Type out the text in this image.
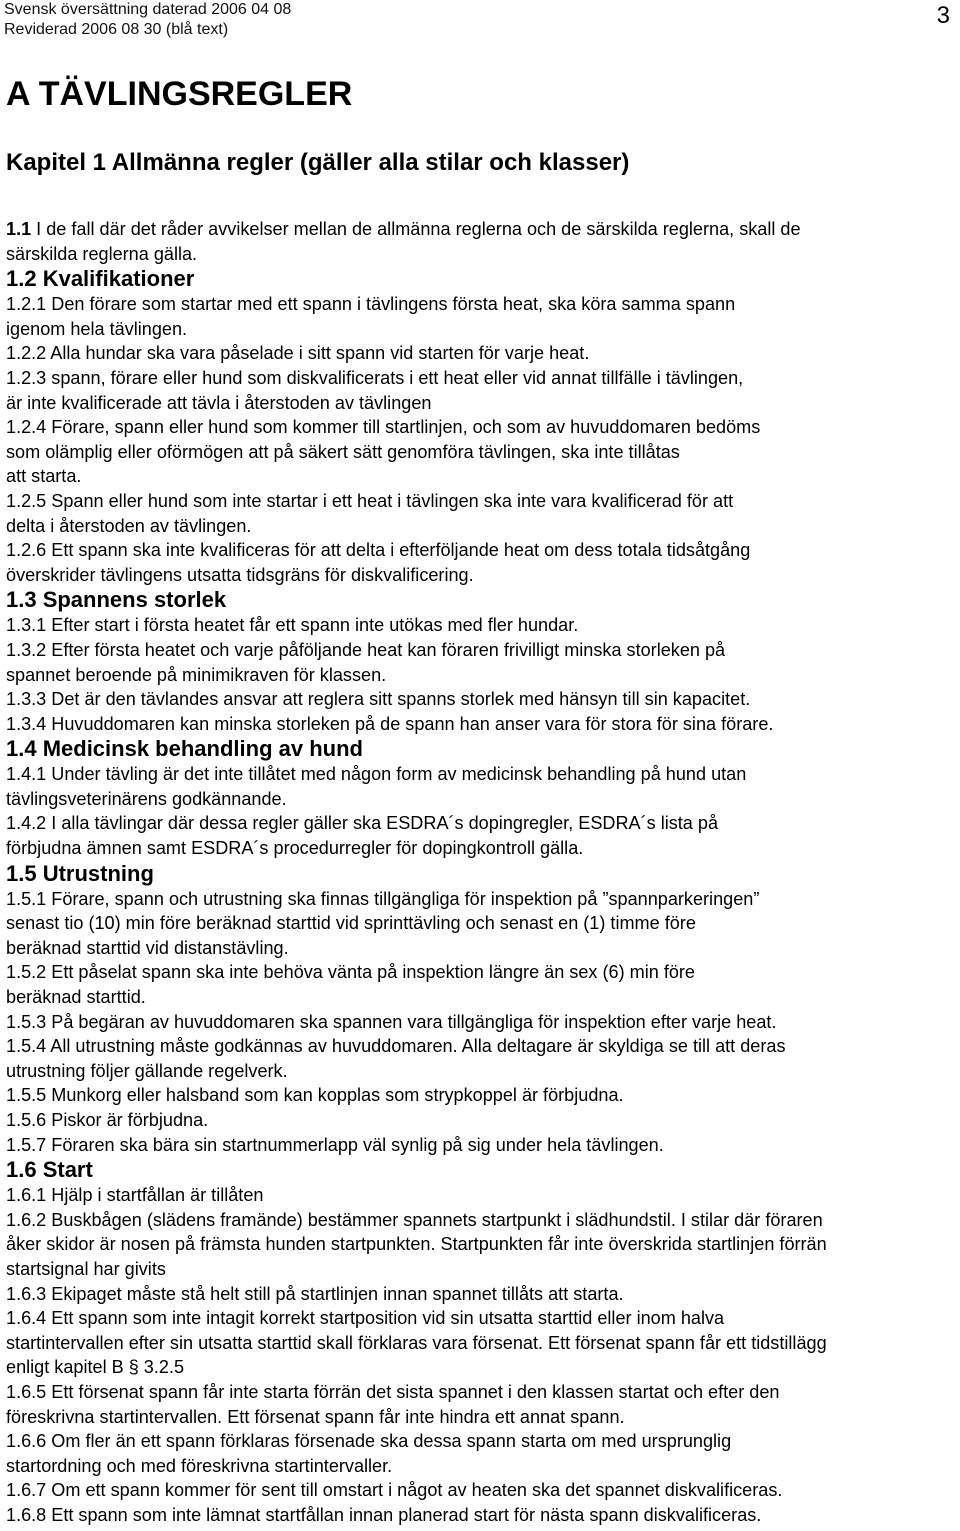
Svensk översättning daterad 2006 04 08
Reviderad 2006 08 30 (blå text)
3
A TÄVLINGSREGLER
Kapitel 1 Allmänna regler (gäller alla stilar och klasser)
1.1 I de fall där det råder avvikelser mellan de allmänna reglerna och de särskilda reglerna, skall de
särskilda reglerna gälla.
1.2 Kvalifikationer
1.2.1 Den förare som startar med ett spann i tävlingens första heat, ska köra samma spann
igenom hela tävlingen.
1.2.2 Alla hundar ska vara påselade i sitt spann vid starten för varje heat.
1.2.3 spann, förare eller hund som diskvalificerats i ett heat eller vid annat tillfälle i tävlingen,
är inte kvalificerade att tävla i återstoden av tävlingen
1.2.4 Förare, spann eller hund som kommer till startlinjen, och som av huvuddomaren bedöms
som olämplig eller oförmögen att på säkert sätt genomföra tävlingen, ska inte tillåtas
att starta.
1.2.5 Spann eller hund som inte startar i ett heat i tävlingen ska inte vara kvalificerad för att
delta i återstoden av tävlingen.
1.2.6 Ett spann ska inte kvalificeras för att delta i efterföljande heat om dess totala tidsåtgång
överskrider tävlingens utsatta tidsgräns för diskvalificering.
1.3 Spannens storlek
1.3.1 Efter start i första heatet får ett spann inte utökas med fler hundar.
1.3.2 Efter första heatet och varje påföljande heat kan föraren frivilligt minska storleken på
spannet beroende på minimikraven för klassen.
1.3.3 Det är den tävlandes ansvar att reglera sitt spanns storlek med hänsyn till sin kapacitet.
1.3.4 Huvuddomaren kan minska storleken på de spann han anser vara för stora för sina förare.
1.4 Medicinsk behandling av hund
1.4.1 Under tävling är det inte tillåtet med någon form av medicinsk behandling på hund utan
tävlingsveterinärens godkännande.
1.4.2 I alla tävlingar där dessa regler gäller ska ESDRA´s dopingregler, ESDRA´s lista på
förbjudna ämnen samt ESDRA´s procedurregler för dopingkontroll gälla.
1.5 Utrustning
1.5.1 Förare, spann och utrustning ska finnas tillgängliga för inspektion på ”spannparkeringen”
senast tio (10) min före beräknad starttid vid sprinttävling och senast en (1) timme före
beräknad starttid vid distanstävling.
1.5.2 Ett påselat spann ska inte behöva vänta på inspektion längre än sex (6) min före
beräknad starttid.
1.5.3 På begäran av huvuddomaren ska spannen vara tillgängliga för inspektion efter varje heat.
1.5.4 All utrustning måste godkännas av huvuddomaren. Alla deltagare är skyldiga se till att deras
utrustning följer gällande regelverk.
1.5.5 Munkorg eller halsband som kan kopplas som strypkoppel är förbjudna.
1.5.6 Piskor är förbjudna.
1.5.7 Föraren ska bära sin startnummerlapp väl synlig på sig under hela tävlingen.
1.6 Start
1.6.1 Hjälp i startfållan är tillåten
1.6.2 Buskbågen (slädens framände) bestämmer spannets startpunkt i slädhundstil. I stilar där föraren
åker skidor är nosen på främsta hunden startpunkten. Startpunkten får inte överskrida startlinjen förrän
startsignal har givits
1.6.3 Ekipaget måste stå helt still på startlinjen innan spannet tillåts att starta.
1.6.4 Ett spann som inte intagit korrekt startposition vid sin utsatta starttid eller inom halva
startintervallen efter sin utsatta starttid skall förklaras vara försenat. Ett försenat spann får ett tidstillägg
enligt kapitel B § 3.2.5
1.6.5 Ett försenat spann får inte starta förrän det sista spannet i den klassen startat och efter den
föreskrivna startintervallen. Ett försenat spann får inte hindra ett annat spann.
1.6.6 Om fler än ett spann förklaras försenade ska dessa spann starta om med ursprunglig
startordning och med föreskrivna startintervaller.
1.6.7 Om ett spann kommer för sent till omstart i något av heaten ska det spannet diskvalificeras.
1.6.8 Ett spann som inte lämnat startfållan innan planerad start för nästa spann diskvalificeras.
